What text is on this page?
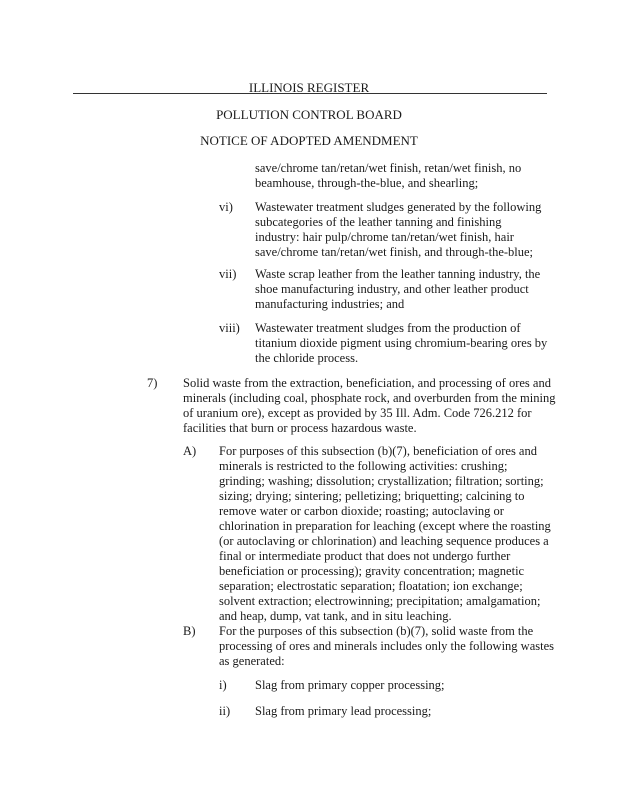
ILLINOIS REGISTER
POLLUTION CONTROL BOARD
NOTICE OF ADOPTED AMENDMENT
save/chrome tan/retan/wet finish, retan/wet finish, no
beamhouse, through-the-blue, and shearling;
vi) Wastewater treatment sludges generated by the following
subcategories of the leather tanning and finishing
industry: hair pulp/chrome tan/retan/wet finish, hair
save/chrome tan/retan/wet finish, and through-the-blue;
vii) Waste scrap leather from the leather tanning industry, the
shoe manufacturing industry, and other leather product
manufacturing industries; and
viii) Wastewater treatment sludges from the production of
titanium dioxide pigment using chromium-bearing ores by
the chloride process.
7) Solid waste from the extraction, beneficiation, and processing of ores and
minerals (including coal, phosphate rock, and overburden from the mining
of uranium ore), except as provided by 35 Ill. Adm. Code 726.212 for
facilities that burn or process hazardous waste.
A) For purposes of this subsection (b)(7), beneficiation of ores and
minerals is restricted to the following activities: crushing;
grinding; washing; dissolution; crystallization; filtration; sorting;
sizing; drying; sintering; pelletizing; briquetting; calcining to
remove water or carbon dioxide; roasting; autoclaving or
chlorination in preparation for leaching (except where the roasting
(or autoclaving or chlorination) and leaching sequence produces a
final or intermediate product that does not undergo further
beneficiation or processing); gravity concentration; magnetic
separation; electrostatic separation; floatation; ion exchange;
solvent extraction; electrowinning; precipitation; amalgamation;
and heap, dump, vat tank, and in situ leaching.
B) For the purposes of this subsection (b)(7), solid waste from the
processing of ores and minerals includes only the following wastes
as generated:
i) Slag from primary copper processing;
ii) Slag from primary lead processing;
